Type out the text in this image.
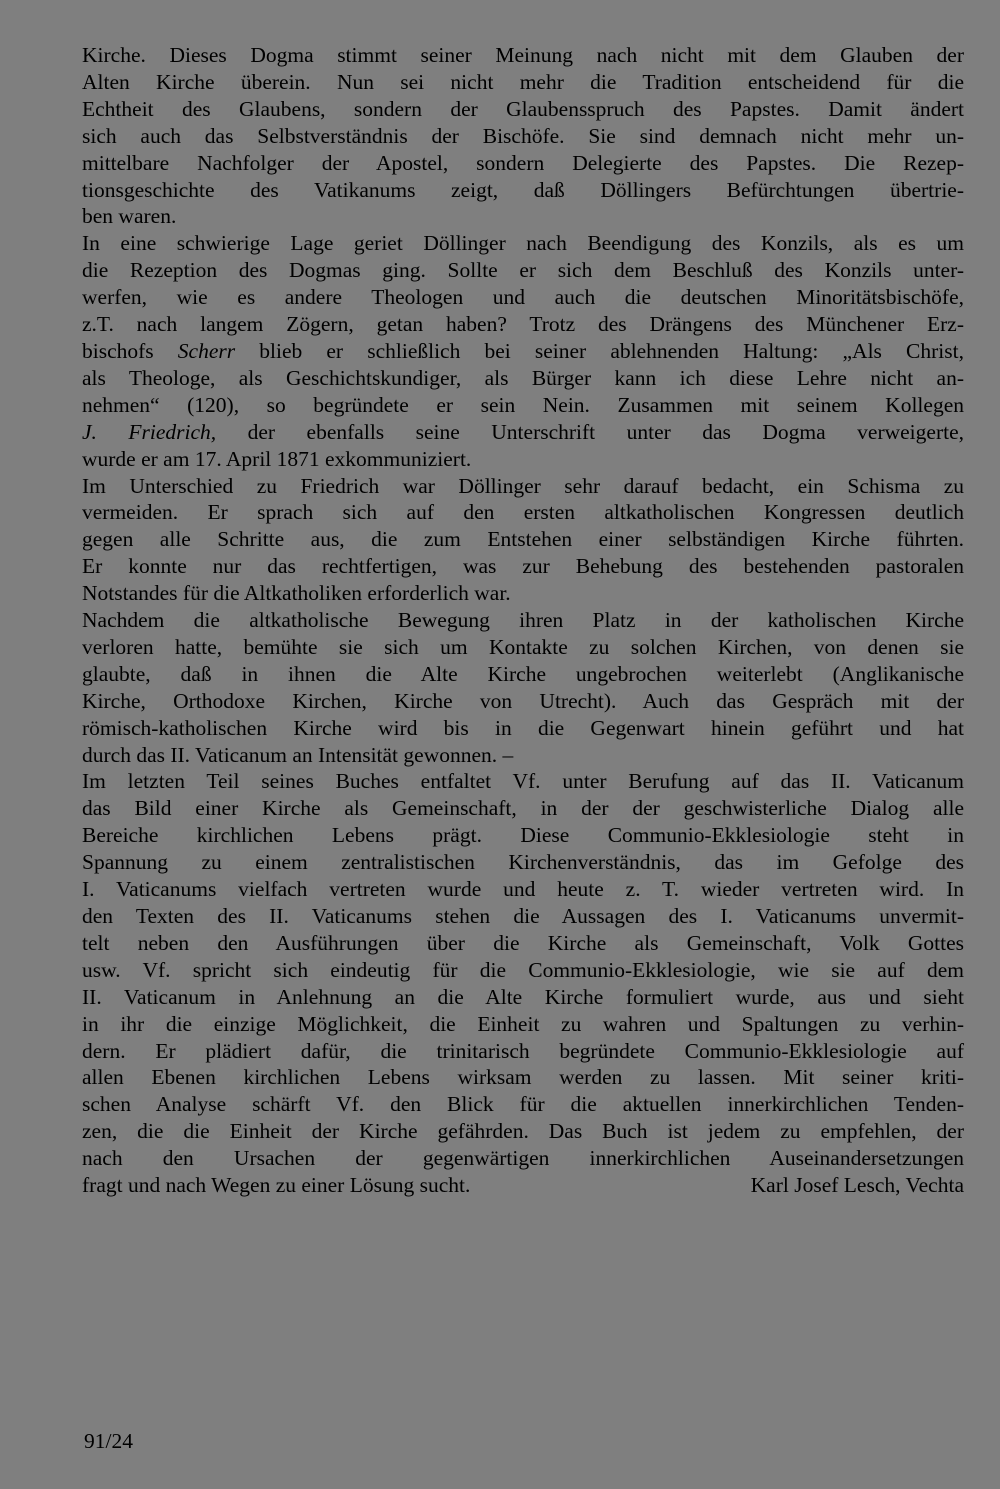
Kirche. Dieses Dogma stimmt seiner Meinung nach nicht mit dem Glauben der
Alten Kirche überein. Nun sei nicht mehr die Tradition entscheidend für die
Echtheit des Glaubens, sondern der Glaubensspruch des Papstes. Damit ändert
sich auch das Selbstverständnis der Bischöfe. Sie sind demnach nicht mehr un-
mittelbare Nachfolger der Apostel, sondern Delegierte des Papstes. Die Rezep-
tionsgeschichte des Vatikanums zeigt, daß Döllingers Befürchtungen übertrie-
ben waren.

In eine schwierige Lage geriet Döllinger nach Beendigung des Konzils, als es um
die Rezeption des Dogmas ging. Sollte er sich dem Beschluß des Konzils unter-
werfen, wie es andere Theologen und auch die deutschen Minoritätsbischöfe,
z.T. nach langem Zögern, getan haben? Trotz des Drängens des Münchener Erz-
bischofs Scherr blieb er schließlich bei seiner ablehnenden Haltung: „Als Christ,
als Theologe, als Geschichtskundiger, als Bürger kann ich diese Lehre nicht an-
nehmen“ (120), so begründete er sein Nein. Zusammen mit seinem Kollegen
J. Friedrich, der ebenfalls seine Unterschrift unter das Dogma verweigerte,
wurde er am 17. April 1871 exkommuniziert.

Im Unterschied zu Friedrich war Döllinger sehr darauf bedacht, ein Schisma zu
vermeiden. Er sprach sich auf den ersten altkatholischen Kongressen deutlich
gegen alle Schritte aus, die zum Entstehen einer selbständigen Kirche führten.
Er konnte nur das rechtfertigen, was zur Behebung des bestehenden pastoralen
Notstandes für die Altkatholiken erforderlich war.

Nachdem die altkatholische Bewegung ihren Platz in der katholischen Kirche
verloren hatte, bemühte sie sich um Kontakte zu solchen Kirchen, von denen sie
glaubte, daß in ihnen die Alte Kirche ungebrochen weiterlebt (Anglikanische
Kirche, Orthodoxe Kirchen, Kirche von Utrecht). Auch das Gespräch mit der
römisch-katholischen Kirche wird bis in die Gegenwart hinein geführt und hat
durch das II. Vaticanum an Intensität gewonnen. –

Im letzten Teil seines Buches entfaltet Vf. unter Berufung auf das II. Vaticanum
das Bild einer Kirche als Gemeinschaft, in der der geschwisterliche Dialog alle
Bereiche kirchlichen Lebens prägt. Diese Communio-Ekklesiologie steht in
Spannung zu einem zentralistischen Kirchenverständnis, das im Gefolge des
I. Vaticanums vielfach vertreten wurde und heute z. T. wieder vertreten wird. In
den Texten des II. Vaticanums stehen die Aussagen des I. Vaticanums unvermit-
telt neben den Ausführungen über die Kirche als Gemeinschaft, Volk Gottes
usw. Vf. spricht sich eindeutig für die Communio-Ekklesiologie, wie sie auf dem
II. Vaticanum in Anlehnung an die Alte Kirche formuliert wurde, aus und sieht
in ihr die einzige Möglichkeit, die Einheit zu wahren und Spaltungen zu verhin-
dern. Er plädiert dafür, die trinitarisch begründete Communio-Ekklesiologie auf
allen Ebenen kirchlichen Lebens wirksam werden zu lassen. Mit seiner kriti-
schen Analyse schärft Vf. den Blick für die aktuellen innerkirchlichen Tenden-
zen, die die Einheit der Kirche gefährden. Das Buch ist jedem zu empfehlen, der
nach den Ursachen der gegenwärtigen innerkirchlichen Auseinandersetzungen
fragt und nach Wegen zu einer Lösung sucht.	Karl Josef Lesch, Vechta

91/24
